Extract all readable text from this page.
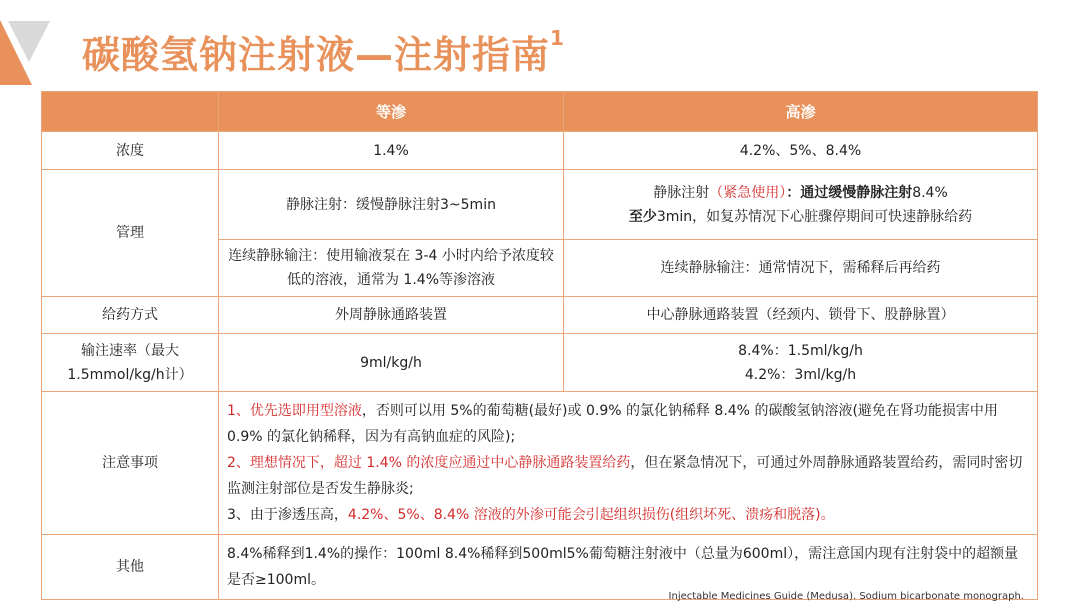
碳酸氢钠注射液—注射指南$^1$
	等渗	高渗
浓度	1.4%	4.2%、5%、8.4%
管理	静脉注射：缓慢静脉注射3~5min	静脉注射（紧急使用）：通过缓慢静脉注射8.4%
至少3min，如复苏情况下心脏骤停期间可快速静脉给药
	连续静脉输注：使用输液泵在 3-4 小时内给予浓度较低的溶液，通常为 1.4%等渗溶液	连续静脉输注：通常情况下，需稀释后再给药
给药方式	外周静脉通路装置	中心静脉通路装置（经颈内、锁骨下、股静脉置）
输注速率（最大1.5mmol/kg/h计）	9ml/kg/h	8.4%：1.5ml/kg/h
4.2%：3ml/kg/h
注意事项	1、优先选即用型溶液，否则可以用 5%的葡萄糖(最好)或 0.9% 的氯化钠稀释 8.4% 的碳酸氢钠溶液(避免在肾功能损害中用 0.9% 的氯化钠稀释，因为有高钠血症的风险);
2、理想情况下，超过 1.4% 的浓度应通过中心静脉通路装置给药，但在紧急情况下，可通过外周静脉通路装置给药，需同时密切监测注射部位是否发生静脉炎;
3、由于渗透压高，4.2%、5%、8.4% 溶液的外渗可能会引起组织损伤(组织坏死、溃疡和脱落)。	
其他	8.4%稀释到1.4%的操作：100ml 8.4%稀释到500ml5%葡萄糖注射液中（总量为600ml），需注意国内现有注射袋中的超额量是否≥100ml。	
Injectable Medicines Guide (Medusa). Sodium bicarbonate monograph.
